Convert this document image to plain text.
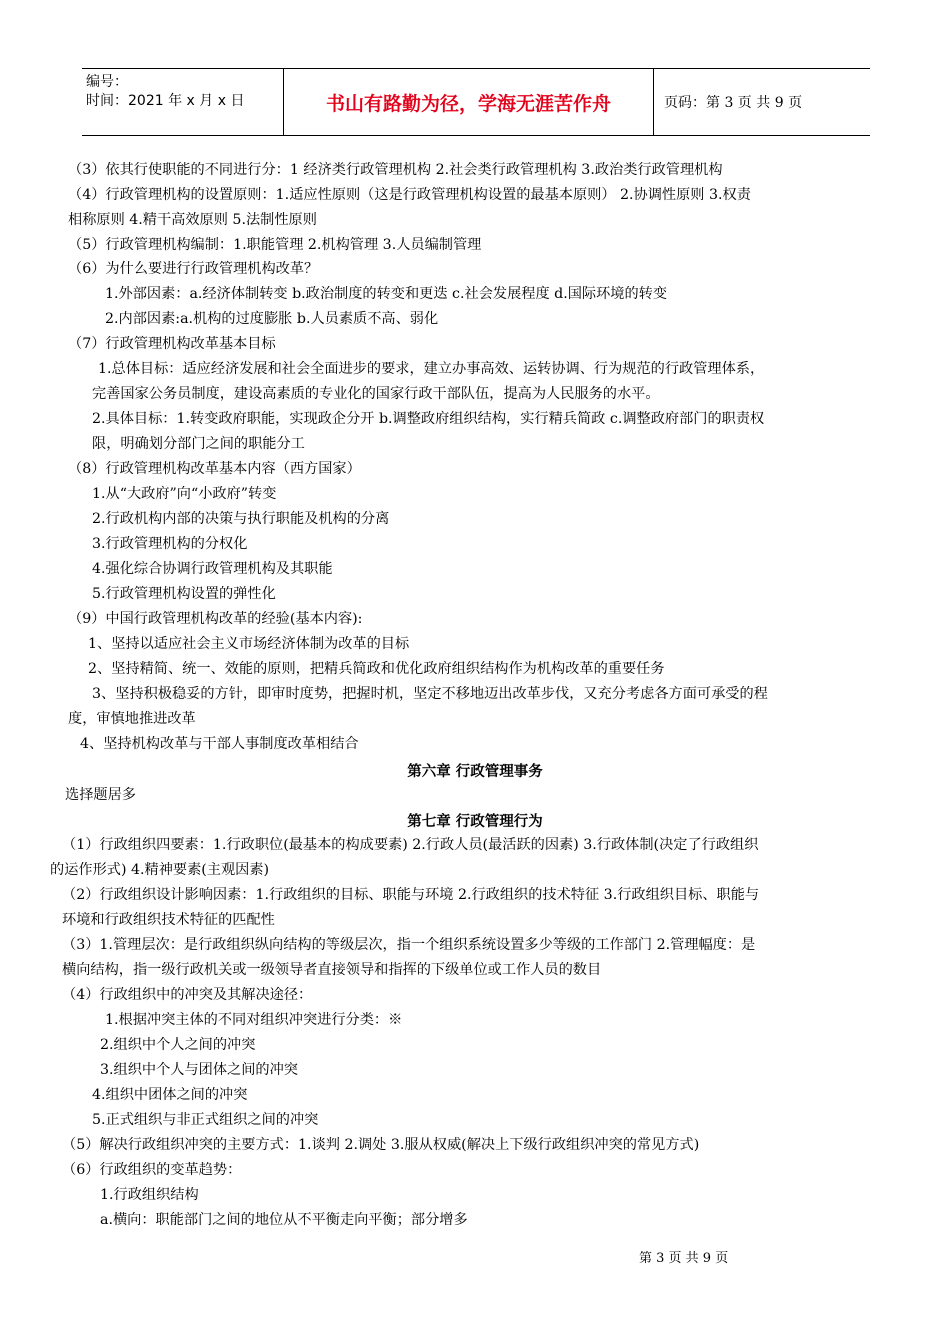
编号：
时间：2021 年 x 月 x 日	书山有路勤为径，学海无涯苦作舟	页码：第 3 页 共 9 页
（3）依其行使职能的不同进行分：1 经济类行政管理机构 2.社会类行政管理机构 3.政治类行政管理机构
（4）行政管理机构的设置原则：1.适应性原则（这是行政管理机构设置的最基本原则） 2.协调性原则 3.权责
相称原则 4.精干高效原则 5.法制性原则
（5）行政管理机构编制：1.职能管理 2.机构管理 3.人员编制管理
（6）为什么要进行行政管理机构改革？
1.外部因素：a.经济体制转变 b.政治制度的转变和更迭 c.社会发展程度 d.国际环境的转变
2.内部因素:a.机构的过度膨胀 b.人员素质不高、弱化
（7）行政管理机构改革基本目标
1.总体目标：适应经济发展和社会全面进步的要求，建立办事高效、运转协调、行为规范的行政管理体系，
完善国家公务员制度，建设高素质的专业化的国家行政干部队伍，提高为人民服务的水平。
2.具体目标：1.转变政府职能，实现政企分开 b.调整政府组织结构，实行精兵简政 c.调整政府部门的职责权
限，明确划分部门之间的职能分工
（8）行政管理机构改革基本内容（西方国家）
1.从“大政府”向“小政府”转变
2.行政机构内部的决策与执行职能及机构的分离
3.行政管理机构的分权化
4.强化综合协调行政管理机构及其职能
5.行政管理机构设置的弹性化
（9）中国行政管理机构改革的经验(基本内容):
1、坚持以适应社会主义市场经济体制为改革的目标
2、坚持精简、统一、效能的原则，把精兵简政和优化政府组织结构作为机构改革的重要任务
3、坚持积极稳妥的方针，即审时度势，把握时机，坚定不移地迈出改革步伐，又充分考虑各方面可承受的程
度，审慎地推进改革
4、坚持机构改革与干部人事制度改革相结合
选择题居多
（1）行政组织四要素：1.行政职位(最基本的构成要素) 2.行政人员(最活跃的因素) 3.行政体制(决定了行政组织
的运作形式) 4.精神要素(主观因素)
（2）行政组织设计影响因素：1.行政组织的目标、职能与环境 2.行政组织的技术特征 3.行政组织目标、职能与
环境和行政组织技术特征的匹配性
（3）1.管理层次：是行政组织纵向结构的等级层次，指一个组织系统设置多少等级的工作部门 2.管理幅度：是
横向结构，指一级行政机关或一级领导者直接领导和指挥的下级单位或工作人员的数目
（4）行政组织中的冲突及其解决途径：
1.根据冲突主体的不同对组织冲突进行分类：※
2.组织中个人之间的冲突
3.组织中个人与团体之间的冲突
4.组织中团体之间的冲突
5.正式组织与非正式组织之间的冲突
（5）解决行政组织冲突的主要方式：1.谈判 2.调处 3.服从权威(解决上下级行政组织冲突的常见方式)
（6）行政组织的变革趋势：
1.行政组织结构
a.横向：职能部门之间的地位从不平衡走向平衡；部分增多
第六章 行政管理事务
第七章 行政管理行为
第 3 页 共 9 页
